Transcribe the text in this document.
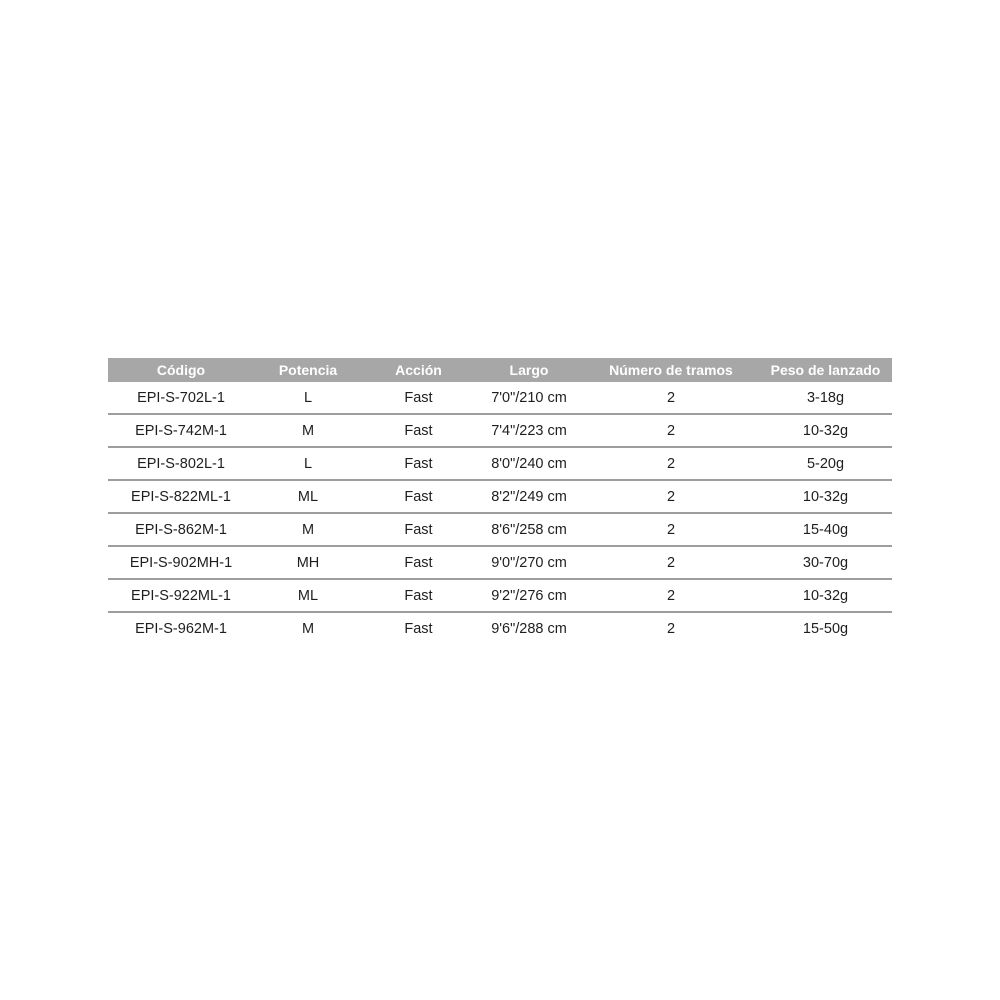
Código	Potencia	Acción	Largo	Número de tramos	Peso de lanzado
EPI-S-702L-1	L	Fast	7'0"/210 cm	2	3-18g
EPI-S-742M-1	M	Fast	7'4"/223 cm	2	10-32g
EPI-S-802L-1	L	Fast	8'0"/240 cm	2	5-20g
EPI-S-822ML-1	ML	Fast	8'2"/249 cm	2	10-32g
EPI-S-862M-1	M	Fast	8'6"/258 cm	2	15-40g
EPI-S-902MH-1	MH	Fast	9'0"/270 cm	2	30-70g
EPI-S-922ML-1	ML	Fast	9'2"/276 cm	2	10-32g
EPI-S-962M-1	M	Fast	9'6"/288 cm	2	15-50g
